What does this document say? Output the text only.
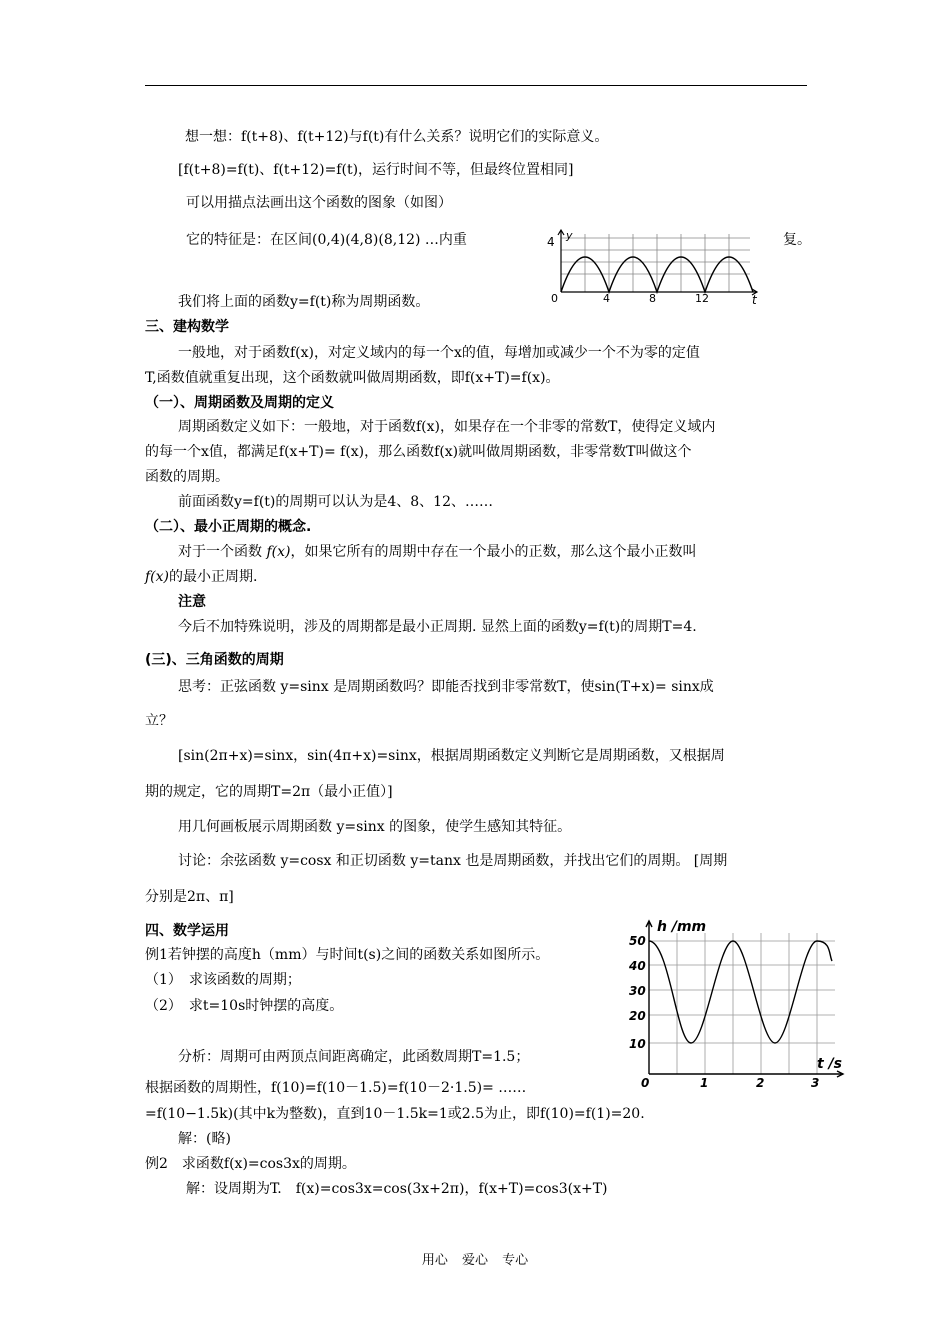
想一想：f(t+8)、f(t+12)与f(t)有什么关系？说明它们的实际意义。
[f(t+8)=f(t)、f(t+12)=f(t)，运行时间不等，但最终位置相同]
可以用描点法画出这个函数的图象（如图）
它的特征是：在区间(0,4)(4,8)(8,12) …内重	复。
y
4
0	4	8	12	t
我们将上面的函数y=f(t)称为周期函数。
三、建构数学
一般地，对于函数f(x)，对定义域内的每一个x的值，每增加或减少一个不为零的定值
T,函数值就重复出现，这个函数就叫做周期函数，即f(x+T)=f(x)。
（一）、周期函数及周期的定义
周期函数定义如下：一般地，对于函数f(x)，如果存在一个非零的常数T，使得定义域内
的每一个x值，都满足f(x+T)= f(x)，那么函数f(x)就叫做周期函数，非零常数T叫做这个
函数的周期。
前面函数y=f(t)的周期可以认为是4、8、12、……
（二）、最小正周期的概念.
对于一个函数 f(x)，如果它所有的周期中存在一个最小的正数，那么这个最小正数叫
f(x)的最小正周期.
注意
今后不加特殊说明，涉及的周期都是最小正周期. 显然上面的函数y=f(t)的周期T=4.
(三)、三角函数的周期
思考：正弦函数 y=sinx 是周期函数吗？即能否找到非零常数T，使sin(T+x)= sinx成
立？
[sin(2π+x)=sinx，sin(4π+x)=sinx，根据周期函数定义判断它是周期函数，又根据周
期的规定，它的周期T=2π（最小正值）]
用几何画板展示周期函数 y=sinx 的图象，使学生感知其特征。
讨论：余弦函数 y=cosx 和正切函数 y=tanx 也是周期函数，并找出它们的周期。 [周期
分别是2π、π]
四、数学运用
例1若钟摆的高度h（mm）与时间t(s)之间的函数关系如图所示。
（1）　求该函数的周期；
（2）　求t=10s时钟摆的高度。
分析：周期可由两顶点间距离确定，此函数周期T=1.5；
根据函数的周期性，f(10)=f(10－1.5)=f(10－2·1.5)= ……
=f(10−1.5k)(其中k为整数)，直到10－1.5k=1或2.5为止，即f(10)=f(1)=20.
解：(略)
例2　求函数f(x)=cos3x的周期。
解：设周期为T.　f(x)=cos3x=cos(3x+2π)，f(x+T)=cos3(x+T)
h /mm
50
40
30
20
10
0	1	2	3
t /s
用心 爱心 专心
